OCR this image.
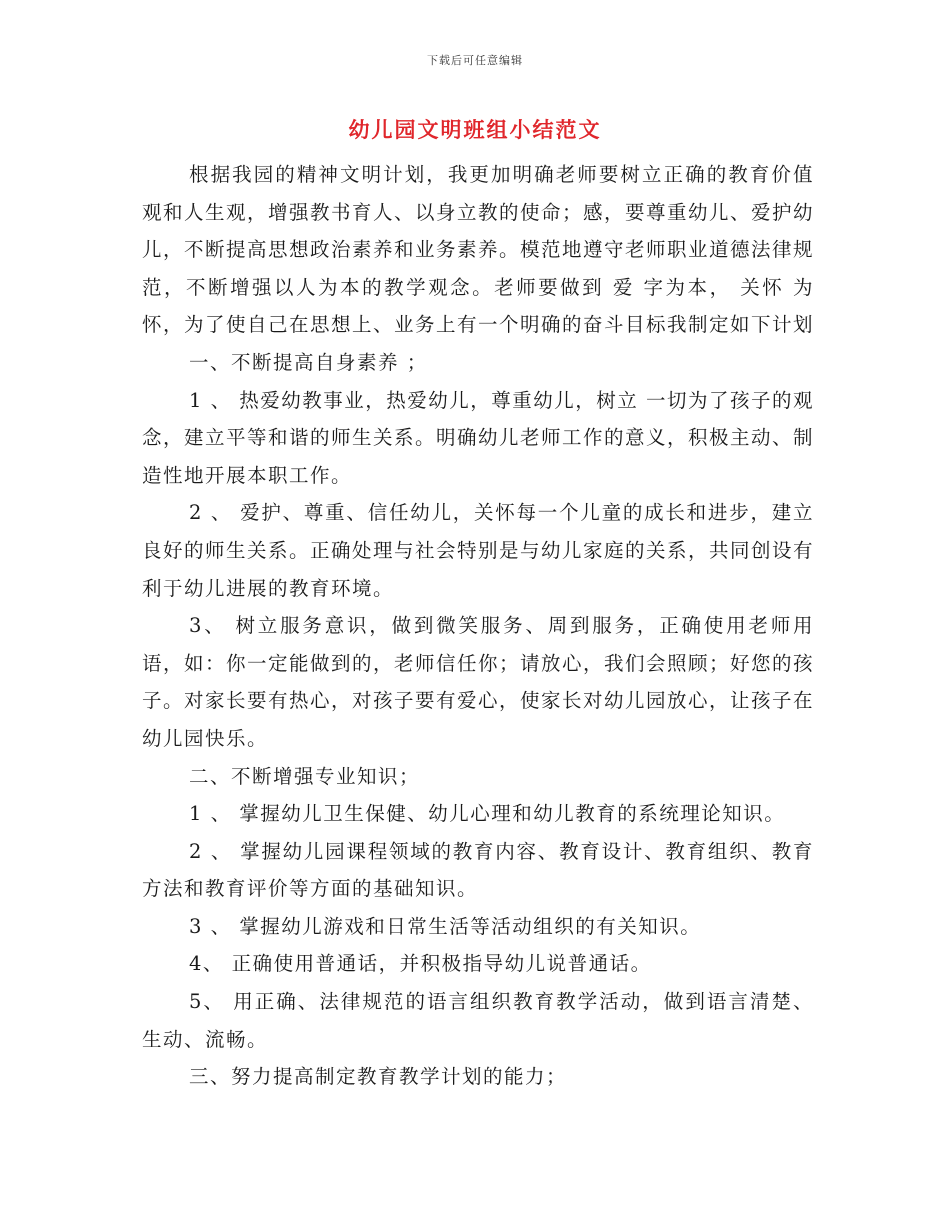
下载后可任意编辑
幼儿园文明班组小结范文

根据我园的精神文明计划，我更加明确老师要树立正确的教育价值观和人生观，增强教书育人、以身立教的使命；感，要尊重幼儿、爱护幼儿，不断提高思想政治素养和业务素养。模范地遵守老师职业道德法律规范，不断增强以人为本的教学观念。老师要做到 爱 字为本， 关怀 为怀，为了使自己在思想上、业务上有一个明确的奋斗目标我制定如下计划

一、不断提高自身素养 ；

1 、 热爱幼教事业，热爱幼儿，尊重幼儿，树立 一切为了孩子的观念，建立平等和谐的师生关系。明确幼儿老师工作的意义，积极主动、制造性地开展本职工作。

2 、 爱护、尊重、信任幼儿，关怀每一个儿童的成长和进步，建立良好的师生关系。正确处理与社会特别是与幼儿家庭的关系，共同创设有利于幼儿进展的教育环境。

3、 树立服务意识，做到微笑服务、周到服务，正确使用老师用语，如：你一定能做到的，老师信任你；请放心，我们会照顾；好您的孩子。对家长要有热心，对孩子要有爱心，使家长对幼儿园放心，让孩子在幼儿园快乐。

二、不断增强专业知识；

1 、 掌握幼儿卫生保健、幼儿心理和幼儿教育的系统理论知识。

2 、 掌握幼儿园课程领域的教育内容、教育设计、教育组织、教育方法和教育评价等方面的基础知识。

3 、 掌握幼儿游戏和日常生活等活动组织的有关知识。

4、 正确使用普通话，并积极指导幼儿说普通话。

5、 用正确、法律规范的语言组织教育教学活动，做到语言清楚、生动、流畅。

三、努力提高制定教育教学计划的能力；
